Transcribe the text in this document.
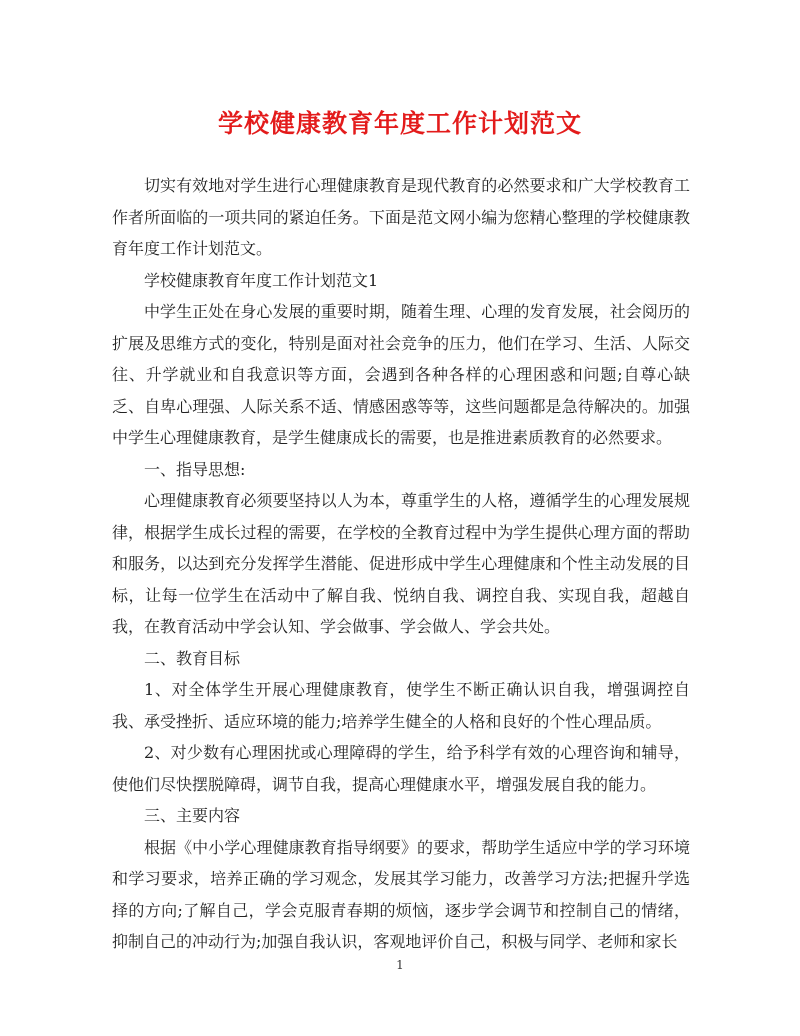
学校健康教育年度工作计划范文

切实有效地对学生进行心理健康教育是现代教育的必然要求和广大学校教育工作者所面临的一项共同的紧迫任务。下面是范文网小编为您精心整理的学校健康教育年度工作计划范文。

学校健康教育年度工作计划范文1

中学生正处在身心发展的重要时期，随着生理、心理的发育发展，社会阅历的扩展及思维方式的变化，特别是面对社会竞争的压力，他们在学习、生活、人际交往、升学就业和自我意识等方面，会遇到各种各样的心理困惑和问题;自尊心缺乏、自卑心理强、人际关系不适、情感困惑等等，这些问题都是急待解决的。加强中学生心理健康教育，是学生健康成长的需要，也是推进素质教育的必然要求。

一、指导思想:

心理健康教育必须要坚持以人为本，尊重学生的人格，遵循学生的心理发展规律，根据学生成长过程的需要，在学校的全教育过程中为学生提供心理方面的帮助和服务，以达到充分发挥学生潜能、促进形成中学生心理健康和个性主动发展的目标，让每一位学生在活动中了解自我、悦纳自我、调控自我、实现自我，超越自我，在教育活动中学会认知、学会做事、学会做人、学会共处。

二、教育目标

1、对全体学生开展心理健康教育，使学生不断正确认识自我，增强调控自我、承受挫折、适应环境的能力;培养学生健全的人格和良好的个性心理品质。

2、对少数有心理困扰或心理障碍的学生，给予科学有效的心理咨询和辅导，使他们尽快摆脱障碍，调节自我，提高心理健康水平，增强发展自我的能力。

三、主要内容

根据《中小学心理健康教育指导纲要》的要求，帮助学生适应中学的学习环境和学习要求，培养正确的学习观念，发展其学习能力，改善学习方法;把握升学选择的方向;了解自己，学会克服青春期的烦恼，逐步学会调节和控制自己的情绪，抑制自己的冲动行为;加强自我认识，客观地评价自己，积极与同学、老师和家长

1
